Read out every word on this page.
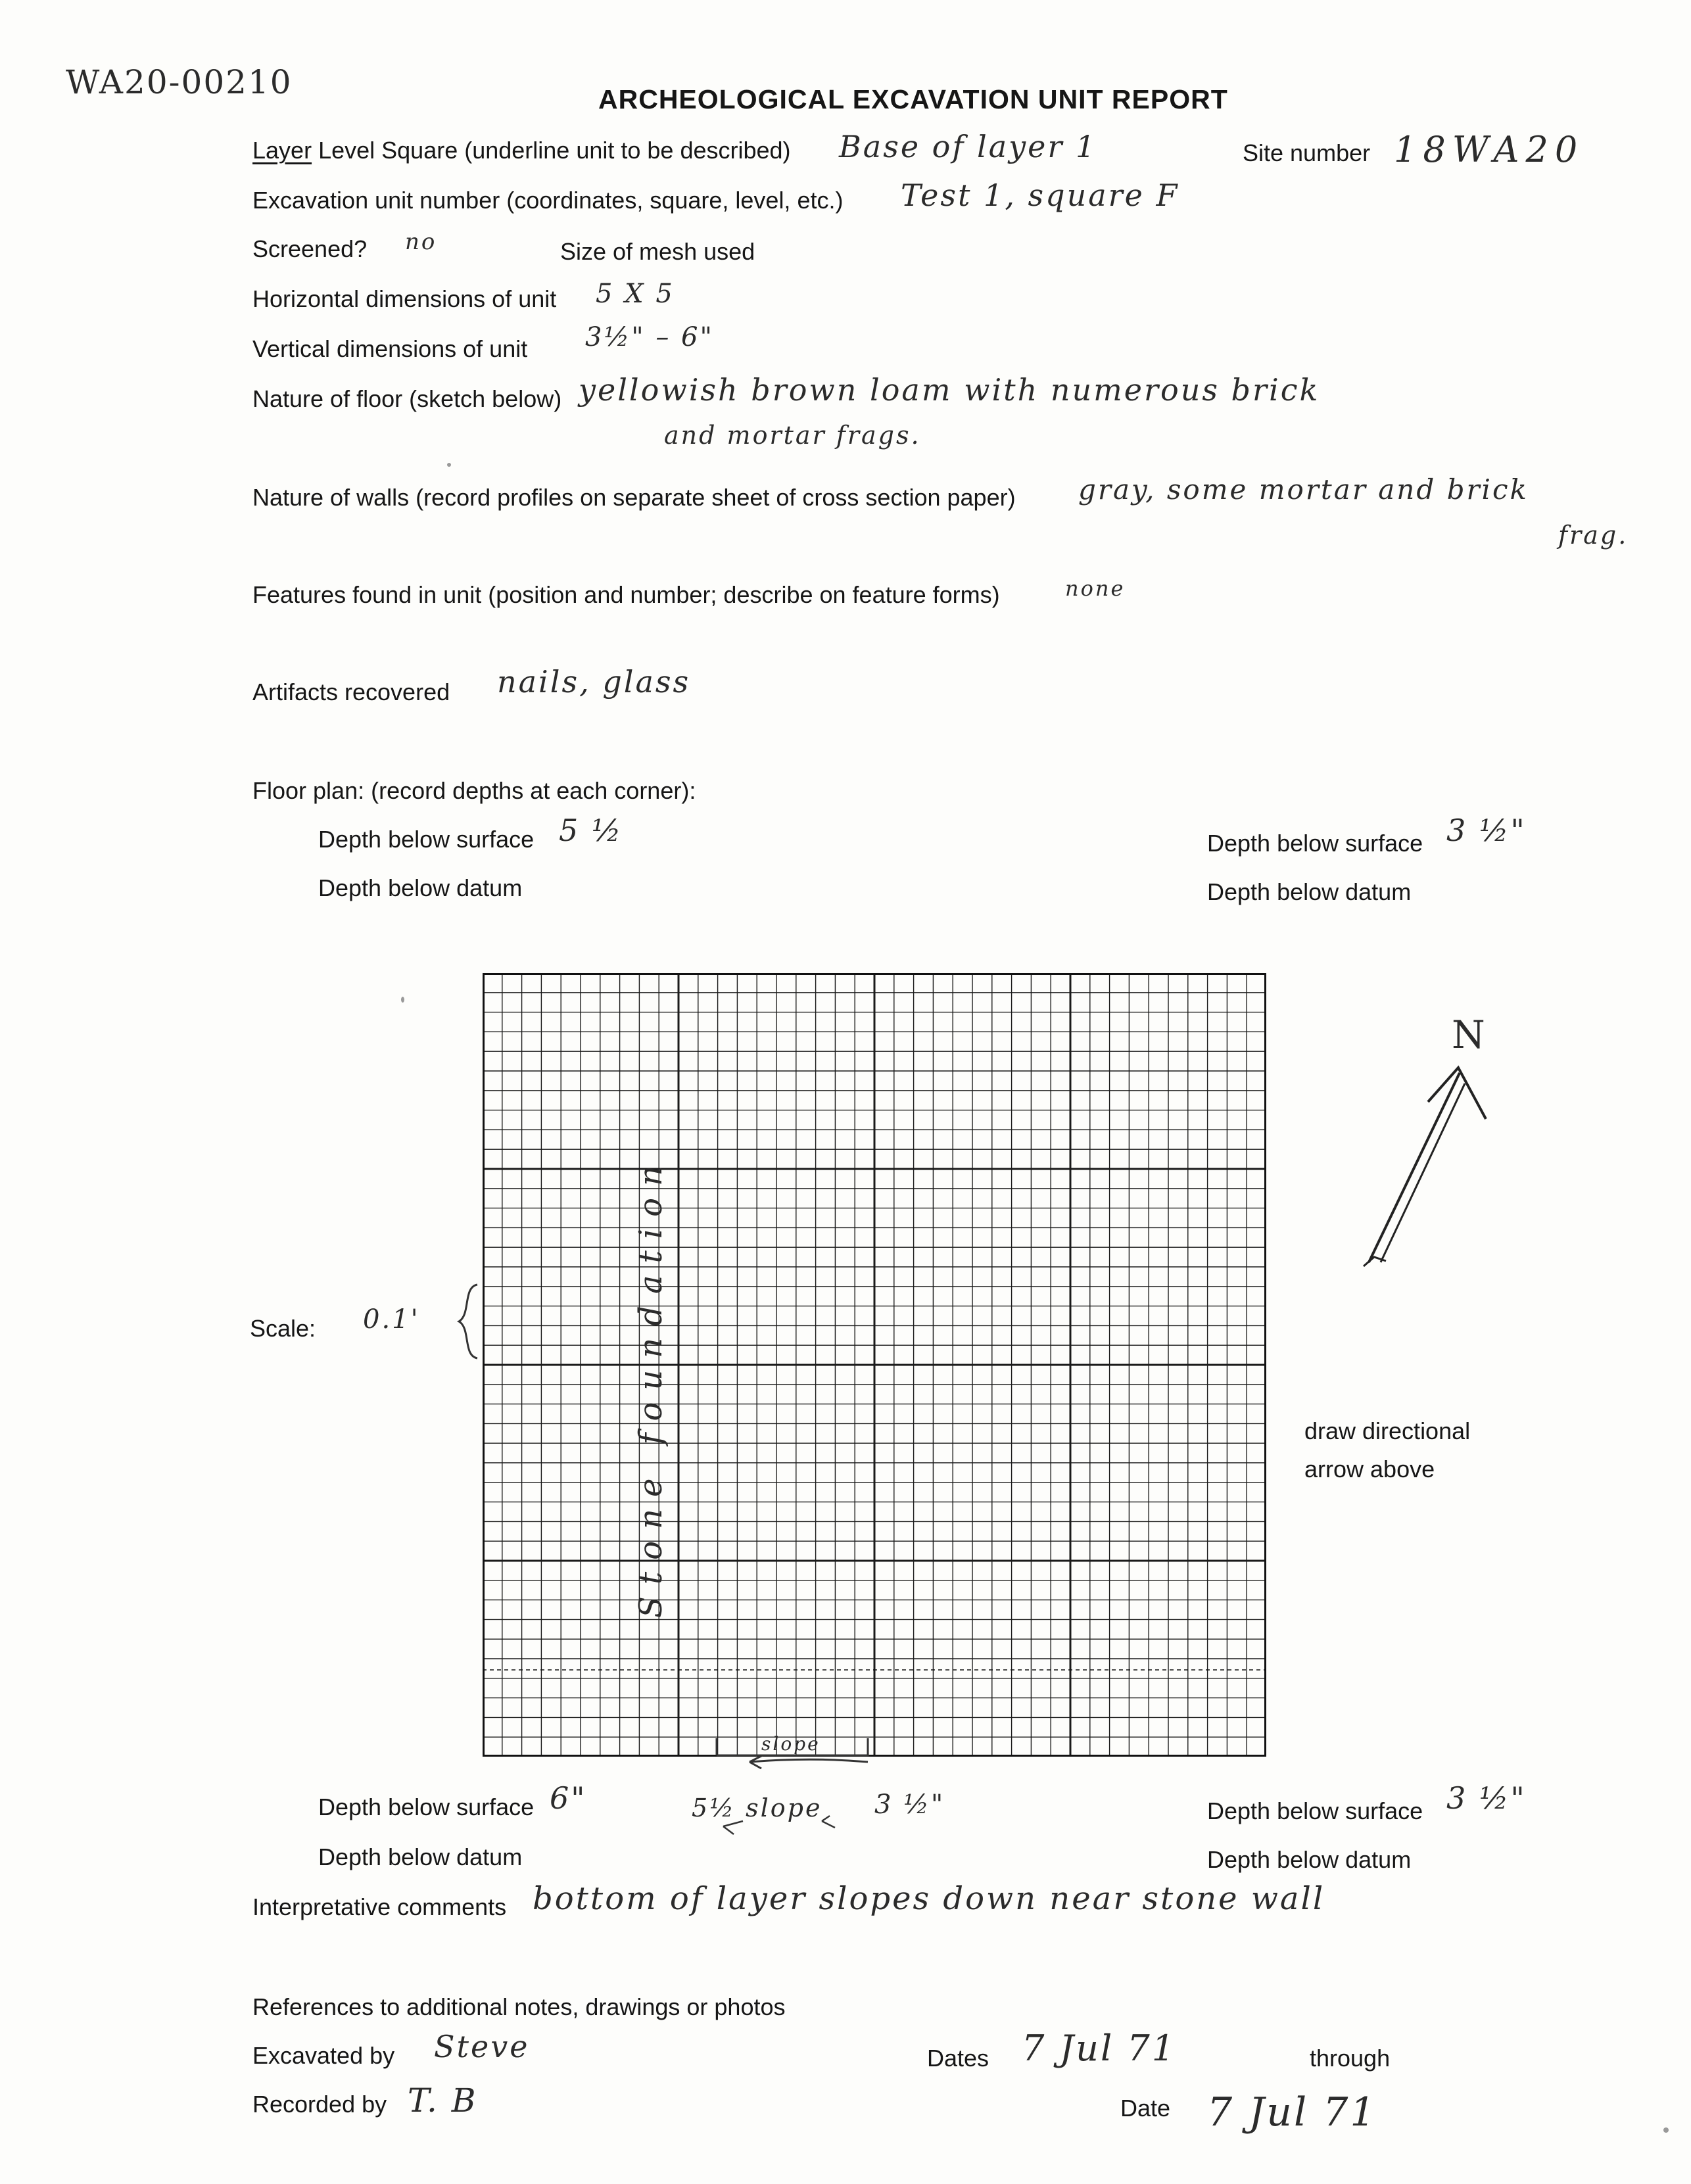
WA20-00210	ARCHEOLOGICAL EXCAVATION UNIT REPORT
Layer Level Square (underline unit to be described) Base of layer 1	Site number 18WA20
Excavation unit number (coordinates, square, level, etc.) Test 1, square F
Screened? no	Size of mesh used
Horizontal dimensions of unit 5 X 5
Vertical dimensions of unit 3½" – 6"
Nature of floor (sketch below) yellowish brown loam with numerous brick
and mortar frags.
Nature of walls (record profiles on separate sheet of cross section paper) gray, some mortar and brick
frag.
Features found in unit (position and number; describe on feature forms)	none
Artifacts recovered nails, glass
Floor plan: (record depths at each corner):
Depth below surface 5 ½
Depth below datum
Depth below surface 3 ½"
Depth below datum
Stone foundation
Scale: 0.1'
N
draw directional
arrow above
slope
5½ slope 3 ½"
Depth below surface 6"
Depth below datum
Depth below surface 3 ½"
Depth below datum
Interpretative comments bottom of layer slopes down near stone wall
References to additional notes, drawings or photos
Excavated by Steve	Dates 7 Jul 71	through
Recorded by T. B	Date 7 Jul 71
